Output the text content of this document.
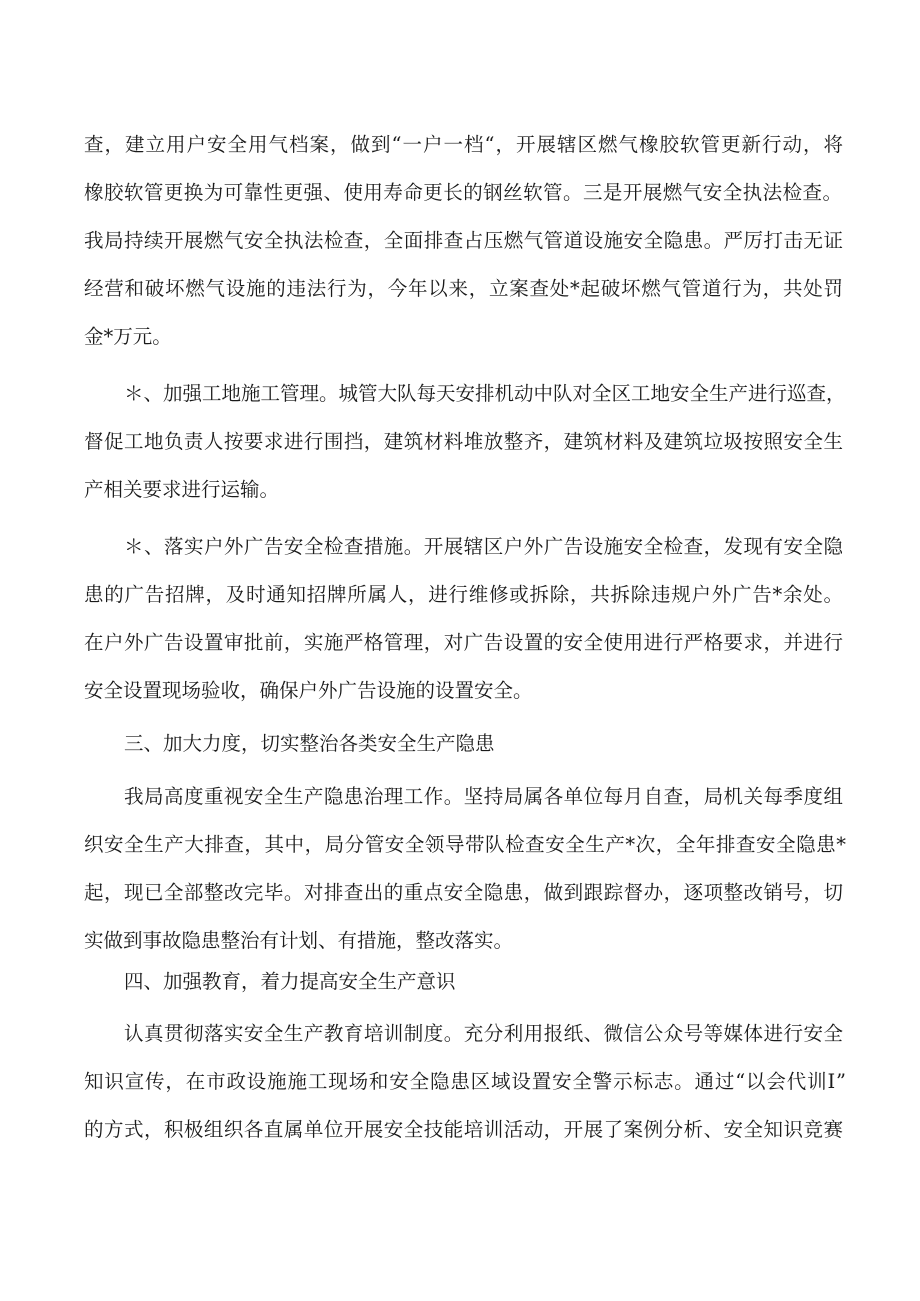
查，建立用户安全用气档案，做到“一户一档“，开展辖区燃气橡胶软管更新行动，将
橡胶软管更换为可靠性更强、使用寿命更长的钢丝软管。三是开展燃气安全执法检查。
我局持续开展燃气安全执法检查，全面排查占压燃气管道设施安全隐患。严厉打击无证
经营和破坏燃气设施的违法行为，今年以来，立案查处*起破坏燃气管道行为，共处罚
金*万元。
＊、加强工地施工管理。城管大队每天安排机动中队对全区工地安全生产进行巡查，
督促工地负责人按要求进行围挡，建筑材料堆放整齐，建筑材料及建筑垃圾按照安全生
产相关要求进行运输。
＊、落实户外广告安全检查措施。开展辖区户外广告设施安全检查，发现有安全隐
患的广告招牌，及时通知招牌所属人，进行维修或拆除，共拆除违规户外广告*余处。
在户外广告设置审批前，实施严格管理，对广告设置的安全使用进行严格要求，并进行
安全设置现场验收，确保户外广告设施的设置安全。
三、加大力度，切实整治各类安全生产隐患
我局高度重视安全生产隐患治理工作。坚持局属各单位每月自查，局机关每季度组
织安全生产大排查，其中，局分管安全领导带队检查安全生产*次，全年排查安全隐患*
起，现已全部整改完毕。对排查出的重点安全隐患，做到跟踪督办，逐项整改销号，切
实做到事故隐患整治有计划、有措施，整改落实。
四、加强教育，着力提高安全生产意识
认真贯彻落实安全生产教育培训制度。充分利用报纸、微信公众号等媒体进行安全
知识宣传，在市政设施施工现场和安全隐患区域设置安全警示标志。通过“以会代训Ⅰ”
的方式，积极组织各直属单位开展安全技能培训活动，开展了案例分析、安全知识竞赛
